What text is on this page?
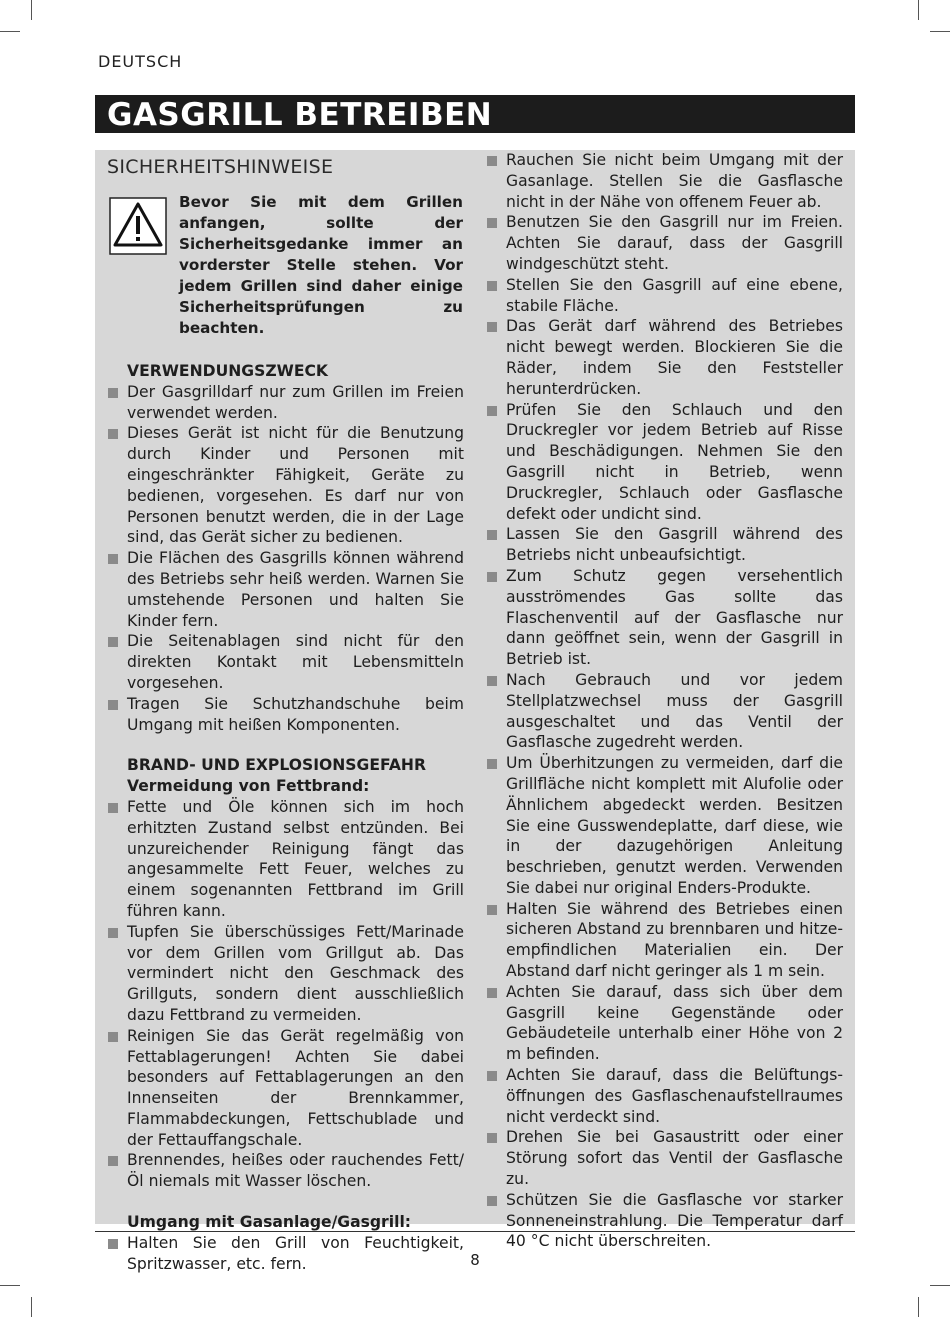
DEUTSCH
GASGRILL BETREIBEN
SICHERHEITSHINWEISE
Bevor Sie mit dem Grillen anfangen, sollte der Sicherheitsgedanke immer an vorderster Stelle stehen. Vor jedem Grillen sind daher einige Sicherheitsprüfungen zu beachten.
VERWENDUNGSZWECK
Der Gasgrilldarf nur zum Grillen im Freien verwendet werden.
Dieses Gerät ist nicht für die Benutzung durch Kinder und Personen mit eingeschränkter Fähigkeit, Geräte zu bedienen, vorgesehen. Es darf nur von Personen benutzt werden, die in der Lage sind, das Gerät sicher zu bedienen.
Die Flächen des Gasgrills können während des Betriebs sehr heiß werden. Warnen Sie umstehende Personen und halten Sie Kinder fern.
Die Seitenablagen sind nicht für den direkten Kontakt mit Lebensmitteln vorgesehen.
Tragen Sie Schutzhandschuhe beim Umgang mit heißen Komponenten.
BRAND- UND EXPLOSIONSGEFAHR
Vermeidung von Fettbrand:
Fette und Öle können sich im hoch erhitzten Zustand selbst entzünden. Bei unzureichender Reinigung fängt das angesammelte Fett Feuer, welches zu einem sogenannten Fettbrand im Grill führen kann.
Tupfen Sie überschüssiges Fett/Marinade vor dem Grillen vom Grillgut ab. Das vermindert nicht den Geschmack des Grillguts, sondern dient ausschließlich dazu Fettbrand zu vermeiden.
Reinigen Sie das Gerät regelmäßig von Fettablagerungen! Achten Sie dabei besonders auf Fettablagerungen an den Innenseiten der Brennkammer, Flammabdeckungen, Fettschublade und der Fettauffangschale.
Brennendes, heißes oder rauchendes Fett/Öl niemals mit Wasser löschen.
Umgang mit Gasanlage/Gasgrill:
Halten Sie den Grill von Feuchtigkeit, Spritzwasser, etc. fern.
Rauchen Sie nicht beim Umgang mit der Gasanlage. Stellen Sie die Gasflasche nicht in der Nähe von offenem Feuer ab.
Benutzen Sie den Gasgrill nur im Freien. Achten Sie darauf, dass der Gasgrill windgeschützt steht.
Stellen Sie den Gasgrill auf eine ebene, stabile Fläche.
Das Gerät darf während des Betriebes nicht bewegt werden. Blockieren Sie die Räder, indem Sie den Feststeller herunterdrücken.
Prüfen Sie den Schlauch und den Druckregler vor jedem Betrieb auf Risse und Beschädigungen. Nehmen Sie den Gasgrill nicht in Betrieb, wenn Druckregler, Schlauch oder Gasflasche defekt oder undicht sind.
Lassen Sie den Gasgrill während des Betriebs nicht unbeaufsichtigt.
Zum Schutz gegen versehentlich ausströmendes Gas sollte das Flaschenventil auf der Gasflasche nur dann geöffnet sein, wenn der Gasgrill in Betrieb ist.
Nach Gebrauch und vor jedem Stellplatzwechsel muss der Gasgrill ausgeschaltet und das Ventil der Gasflasche zugedreht werden.
Um Überhitzungen zu vermeiden, darf die Grillfläche nicht komplett mit Alufolie oder Ähnlichem abgedeckt werden. Besitzen Sie eine Gusswendeplatte, darf diese, wie in der dazugehörigen Anleitung beschrieben, genutzt werden. Verwenden Sie dabei nur original Enders-Produkte.
Halten Sie während des Betriebes einen sicheren Abstand zu brennbaren und hitze-empfindlichen Materialien ein. Der Abstand darf nicht geringer als 1 m sein.
Achten Sie darauf, dass sich über dem Gasgrill keine Gegenstände oder Gebäudeteile unterhalb einer Höhe von 2 m befinden.
Achten Sie darauf, dass die Belüftungs-öffnungen des Gasflaschenaufstellraumes nicht verdeckt sind.
Drehen Sie bei Gasaustritt oder einer Störung sofort das Ventil der Gasflasche zu.
Schützen Sie die Gasflasche vor starker Sonneneinstrahlung. Die Temperatur darf 40 °C nicht überschreiten.
8
